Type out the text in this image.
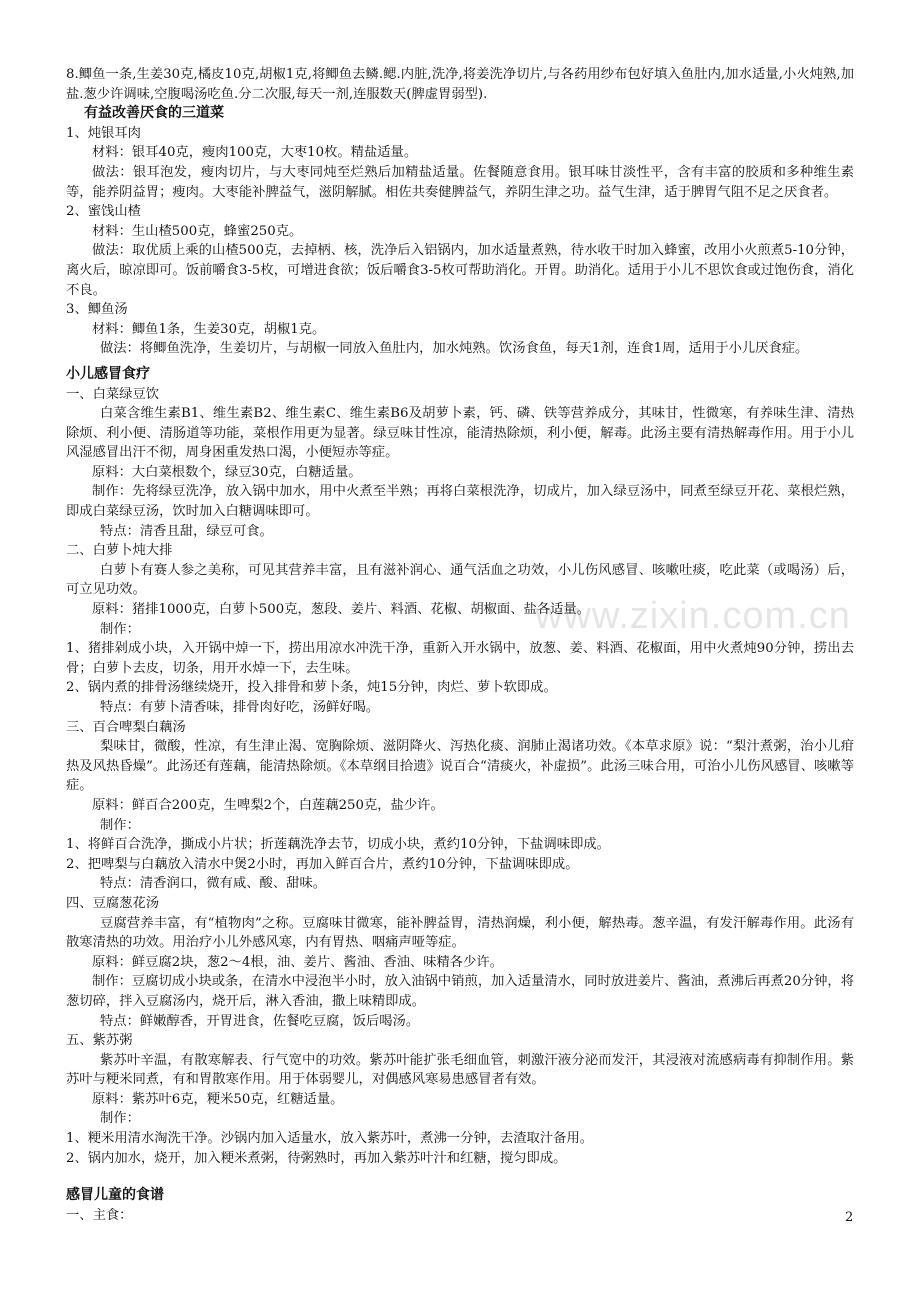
www.zixin.com.cn

8.鲫鱼一条,生姜30克,橘皮10克,胡椒1克,将鲫鱼去鳞.鳃.内脏,洗净,将姜洗净切片,与各药用纱布包好填入鱼肚内,加水适量,小火炖熟,加盐.葱少许调味,空腹喝汤吃鱼.分二次服,每天一剂,连服数天(脾虚胃弱型).

有益改善厌食的三道菜

1、炖银耳肉

材料：银耳40克，瘦肉100克，大枣10枚。精盐适量。

做法：银耳泡发，瘦肉切片，与大枣同炖至烂熟后加精盐适量。佐餐随意食用。银耳味甘淡性平，含有丰富的胶质和多种维生素等，能养阴益胃；瘦肉。大枣能补脾益气，滋阴解腻。相佐共奏健脾益气，养阴生津之功。益气生津，适于脾胃气阻不足之厌食者。

2、蜜饯山楂

材料：生山楂500克，蜂蜜250克。

做法：取优质上乘的山楂500克，去掉柄、核，洗净后入铝锅内，加水适量煮熟，待水收干时加入蜂蜜，改用小火煎煮5-10分钟，离火后，晾凉即可。饭前嚼食3-5枚，可增进食欲；饭后嚼食3-5枚可帮助消化。开胃。助消化。适用于小儿不思饮食或过饱伤食，消化不良。

3、鲫鱼汤

材料：鲫鱼1条，生姜30克，胡椒1克。

做法：将鲫鱼洗净，生姜切片，与胡椒一同放入鱼肚内，加水炖熟。饮汤食鱼，每天1剂，连食1周，适用于小儿厌食症。

小儿感冒食疗

一、白菜绿豆饮

白菜含维生素B1、维生素B2、维生素C、维生素B6及胡萝卜素，钙、磷、铁等营养成分，其味甘，性微寒，有养味生津、清热除烦、利小便、清肠道等功能，菜根作用更为显著。绿豆味甘性凉，能清热除烦，利小便，解毒。此汤主要有清热解毒作用。用于小儿风湿感冒出汗不彻，周身困重发热口渴，小便短赤等症。

原料：大白菜根数个，绿豆30克，白糖适量。

制作：先将绿豆洗净，放入锅中加水，用中火煮至半熟；再将白菜根洗净，切成片，加入绿豆汤中，同煮至绿豆开花、菜根烂熟，即成白菜绿豆汤，饮时加入白糖调味即可。

特点：清香且甜，绿豆可食。

二、白萝卜炖大排

白萝卜有赛人参之美称，可见其营养丰富，且有滋补润心、通气活血之功效，小儿伤风感冒、咳嗽吐痰，吃此菜（或喝汤）后，可立见功效。

原料：猪排1000克，白萝卜500克，葱段、姜片、料酒、花椒、胡椒面、盐各适量。

制作：

1、猪排剁成小块，入开锅中焯一下，捞出用凉水冲洗干净，重新入开水锅中，放葱、姜、料酒、花椒面，用中火煮炖90分钟，捞出去骨；白萝卜去皮，切条，用开水焯一下，去生味。

2、锅内煮的排骨汤继续烧开，投入排骨和萝卜条，炖15分钟，肉烂、萝卜软即成。

特点：有萝卜清香味，排骨肉好吃，汤鲜好喝。

三、百合啤梨白藕汤

梨味甘，微酸，性凉，有生津止渴、宽胸除烦、滋阴降火、泻热化痰、润肺止渴诸功效。《本草求原》说：“梨汁煮粥，治小儿疳热及风热昏燥”。此汤还有莲藕，能清热除烦。《本草纲目拾遗》说百合“清痰火，补虚损”。此汤三味合用，可治小儿伤风感冒、咳嗽等症。

原料：鲜百合200克，生啤梨2个，白莲藕250克，盐少许。

制作：

1、将鲜百合洗净，撕成小片状；折莲藕洗净去节，切成小块，煮约10分钟，下盐调味即成。

2、把啤梨与白藕放入清水中煲2小时，再加入鲜百合片，煮约10分钟，下盐调味即成。

特点：清香润口，微有咸、酸、甜味。

四、豆腐葱花汤

豆腐营养丰富，有“植物肉”之称。豆腐味甘微寒，能补脾益胃，清热润燥，利小便，解热毒。葱辛温，有发汗解毒作用。此汤有散寒清热的功效。用治疗小儿外感风寒，内有胃热、咽痛声哑等症。

原料：鲜豆腐2块，葱2～4根，油、姜片、酱油、香油、味精各少许。

制作：豆腐切成小块或条，在清水中浸泡半小时，放入油锅中销煎，加入适量清水，同时放进姜片、酱油，煮沸后再煮20分钟，将葱切碎，拌入豆腐汤内，烧开后，淋入香油，撒上味精即成。

特点：鲜嫩醇香，开胃进食，佐餐吃豆腐，饭后喝汤。

五、紫苏粥

紫苏叶辛温，有散寒解表、行气宽中的功效。紫苏叶能扩张毛细血管，刺激汗液分泌而发汗，其浸液对流感病毒有抑制作用。紫苏叶与粳米同煮，有和胃散寒作用。用于体弱婴儿，对偶感风寒易患感冒者有效。

原料：紫苏叶6克，粳米50克，红糖适量。

制作：

1、粳米用清水淘洗干净。沙锅内加入适量水，放入紫苏叶，煮沸一分钟，去渣取汁备用。

2、锅内加水，烧开，加入粳米煮粥，待粥熟时，再加入紫苏叶汁和红糖，搅匀即成。

感冒儿童的食谱

一、主食：	2
